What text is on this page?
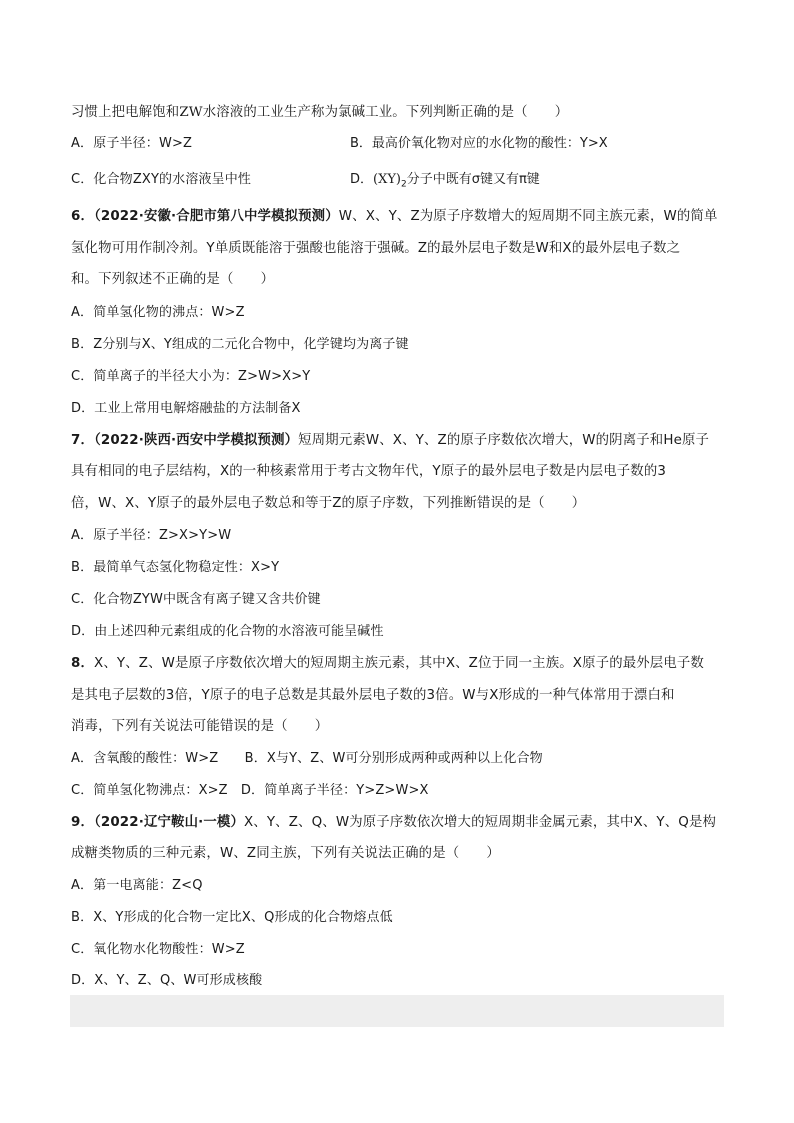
习惯上把电解饱和ZW水溶液的工业生产称为氯碱工业。下列判断正确的是（　　）
A．原子半径：W>Z	B．最高价氧化物对应的水化物的酸性：Y>X
C．化合物ZXY的水溶液呈中性	D．$(XY)_2$分子中既有σ键又有π键
6．（2022·安徽·合肥市第八中学模拟预测）W、X、Y、Z为原子序数增大的短周期不同主族元素，W的简单
氢化物可用作制冷剂。Y单质既能溶于强酸也能溶于强碱。Z的最外层电子数是W和X的最外层电子数之
和。下列叙述不正确的是（　　）
A．简单氢化物的沸点：W>Z
B．Z分别与X、Y组成的二元化合物中，化学键均为离子键
C．简单离子的半径大小为：Z>W>X>Y
D．工业上常用电解熔融盐的方法制备X
7．（2022·陕西·西安中学模拟预测）短周期元素W、X、Y、Z的原子序数依次增大，W的阴离子和He原子
具有相同的电子层结构，X的一种核素常用于考古文物年代，Y原子的最外层电子数是内层电子数的3
倍，W、X、Y原子的最外层电子数总和等于Z的原子序数，下列推断错误的是（　　）
A．原子半径：Z>X>Y>W
B．最简单气态氢化物稳定性：X>Y
C．化合物ZYW中既含有离子键又含共价键
D．由上述四种元素组成的化合物的水溶液可能呈碱性
8．X、Y、Z、W是原子序数依次增大的短周期主族元素，其中X、Z位于同一主族。X原子的最外层电子数
是其电子层数的3倍，Y原子的电子总数是其最外层电子数的3倍。W与X形成的一种气体常用于漂白和
消毒，下列有关说法可能错误的是（　　）
A．含氧酸的酸性：W>Z　　B．X与Y、Z、W可分别形成两种或两种以上化合物
C．简单氢化物沸点：X>Z　D．简单离子半径：Y>Z>W>X
9．（2022·辽宁鞍山·一模）X、Y、Z、Q、W为原子序数依次增大的短周期非金属元素，其中X、Y、Q是构
成糖类物质的三种元素，W、Z同主族，下列有关说法正确的是（　　）
A．第一电离能：Z<Q
B．X、Y形成的化合物一定比X、Q形成的化合物熔点低
C．氧化物水化物酸性：W>Z
D．X、Y、Z、Q、W可形成核酸
